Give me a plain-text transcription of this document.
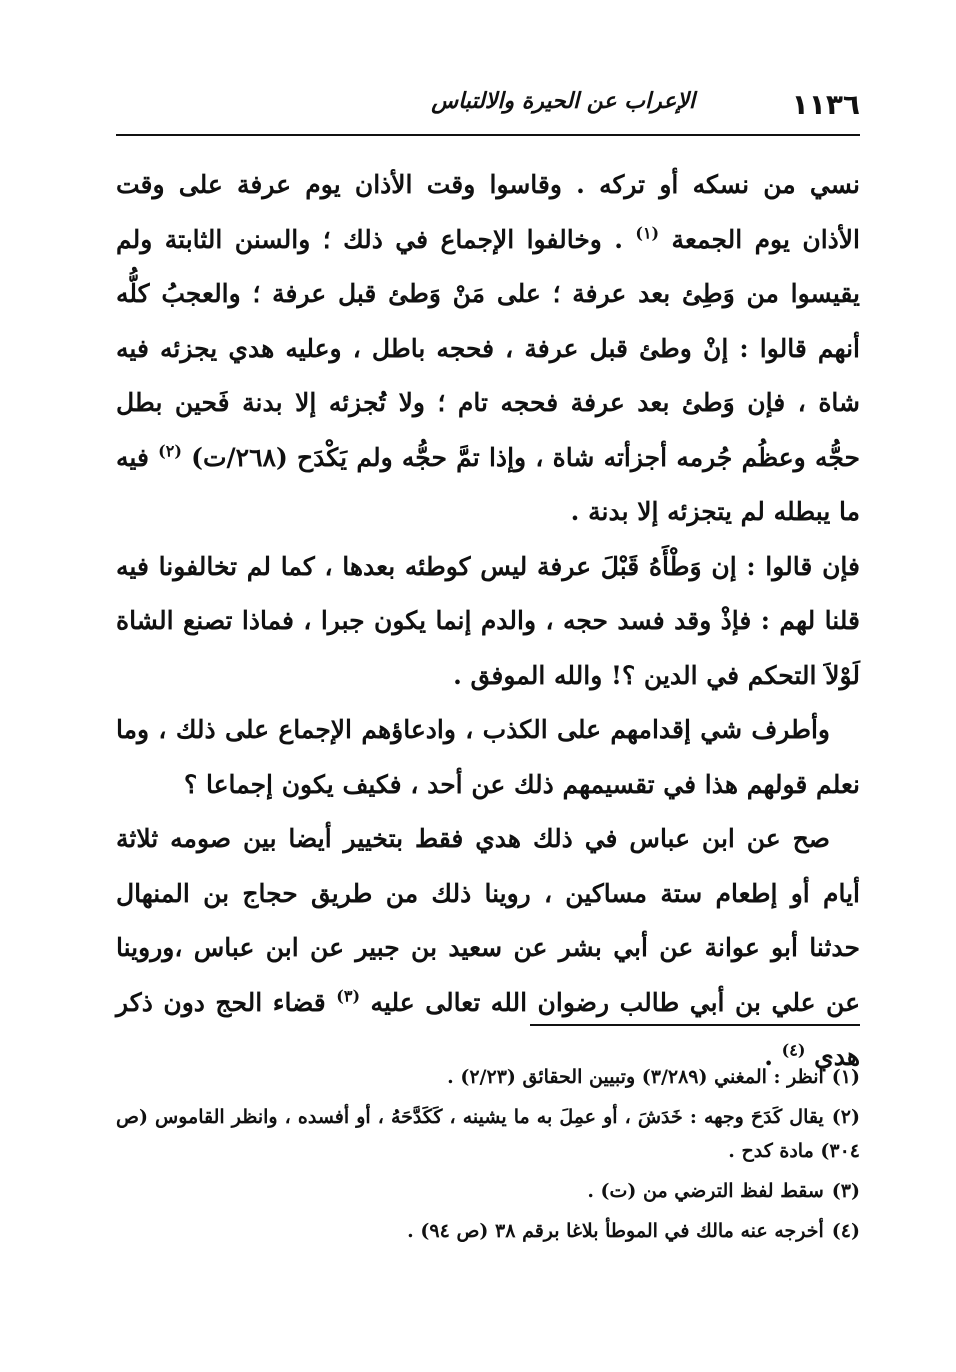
١١٣٦
الإعراب عن الحيرة والالتباس

نسي من نسكه أو تركه . وقاسوا وقت الأذان يوم عرفة على وقت الأذان يوم الجمعة $^{(١)}$ . وخالفوا الإجماع في ذلك ؛ والسنن الثابتة ولم يقيسوا من وَطِئ بعد عرفة ؛ على مَنْ وَطئ قبل عرفة ؛ والعجبُ كلُّه أنهم قالوا : إنْ وطئ قبل عرفة ، فحجه باطل ، وعليه هدي يجزئه فيه شاة ، فإن وَطئ بعد عرفة فحجه تام ؛ ولا تُجزئه إلا بدنة فَحين بطل حجُّه وعظُم جُرمه أجزأته شاة ، وإذا تمَّ حجُّه ولم يَكْدَح (٢٦٨/ت) $^{(٢)}$ فيه ما يبطله لم يتجزئه إلا بدنة .

فإن قالوا : إن وَطْأَهُ قَبْلَ عرفة ليس كوطئه بعدها ، كما لم تخالفونا فيه قلنا لهم : فإذْ وقد فسد حجه ، والدم إنما يكون جبرا ، فماذا تصنع الشاة لَوْلاَ التحكم في الدين ؟! والله الموفق .

وأطرف شي إقدامهم على الكذب ، وادعاؤهم الإجماع على ذلك ، وما نعلم قولهم هذا في تقسيمهم ذلك عن أحد ، فكيف يكون إجماعا ؟

صح عن ابن عباس في ذلك هدي فقط بتخيير أيضا بين صومه ثلاثة أيام أو إطعام ستة مساكين ، روينا ذلك من طريق حجاج بن المنهال حدثنا أبو عوانة عن أبي بشر عن سعيد بن جبير عن ابن عباس ،وروينا عن علي بن أبي طالب رضوان الله تعالى عليه $^{(٣)}$ قضاء الحج دون ذكر هدي $^{(٤)}$ .

(١)انظر : المغني (٣/٢٨٩) وتبيين الحقائق (٢/٢٣) .

(٢)يقال كَدَحَ وجهه : خَدَشَ ، أو عمِلَ به ما يشينه ، كَكَدَّحَهُ ، أو أفسده ، وانظر القاموس (ص ٣٠٤) مادة كدح .

(٣)سقط لفظ الترضي من (ت) .

(٤)أخرجه عنه مالك في الموطأ بلاغا برقم ٣٨ (ص ٩٤) .
